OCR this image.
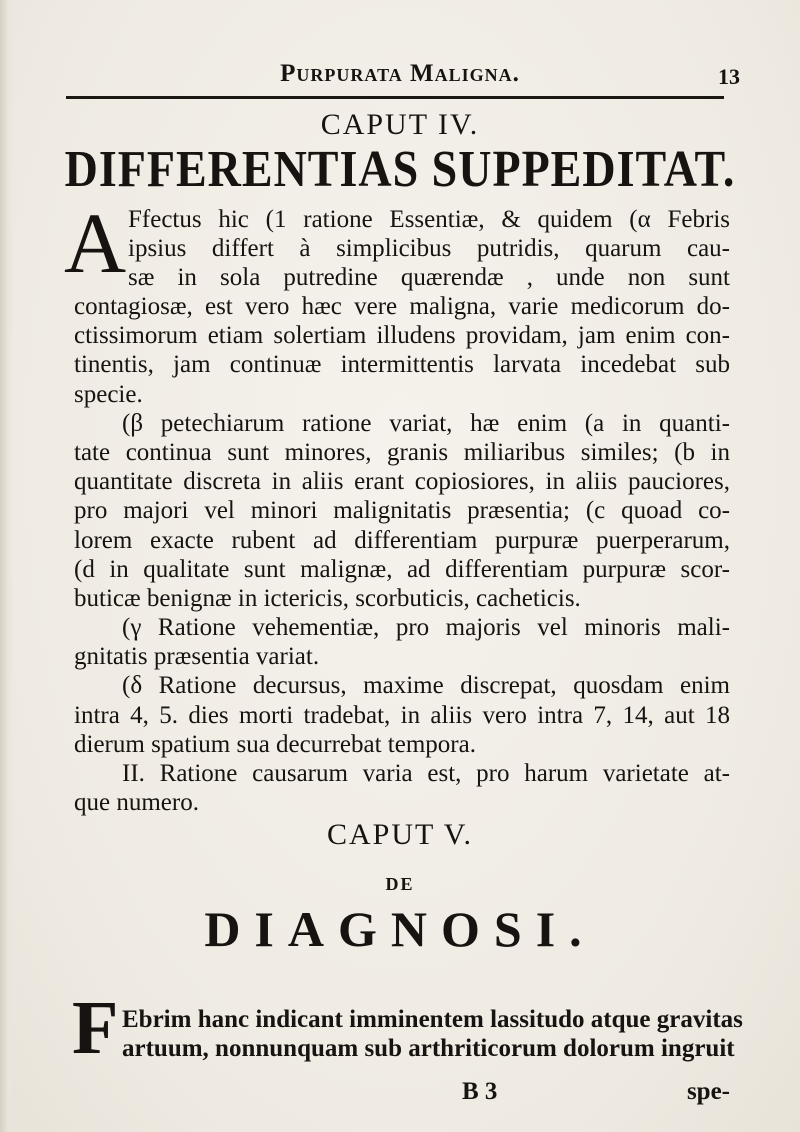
Purpurata Maligna.	13
CAPUT IV.
DIFFERENTIAS SUPPEDITAT.
A Ffectus hic (1 ratione Essentiæ, & quidem (α Febris
ipsius differt à simplicibus putridis, quarum cau-
sæ in sola putredine quærendæ , unde non sunt
contagiosæ, est vero hæc vere maligna, varie medicorum do-
ctissimorum etiam solertiam illudens providam, jam enim con-
tinentis, jam continuæ intermittentis larvata incedebat sub
specie.
(β petechiarum ratione variat, hæ enim (a in quanti-
tate continua sunt minores, granis miliaribus similes; (b in
quantitate discreta in aliis erant copiosiores, in aliis pauciores,
pro majori vel minori malignitatis præsentia; (c quoad co-
lorem exacte rubent ad differentiam purpuræ puerperarum,
(d in qualitate sunt malignæ, ad differentiam purpuræ scor-
buticæ benignæ in ictericis, scorbuticis, cacheticis.
(γ Ratione vehementiæ, pro majoris vel minoris mali-
gnitatis præsentia variat.
(δ Ratione decursus, maxime discrepat, quosdam enim
intra 4, 5. dies morti tradebat, in aliis vero intra 7, 14, aut 18
dierum spatium sua decurrebat tempora.
II. Ratione causarum varia est, pro harum varietate at-
que numero.
CAPUT V.
DE
DIAGNOSI.
F Ebrim hanc indicant imminentem lassitudo atque gravitas
artuum, nonnunquam sub arthriticorum dolorum ingruit
B 3	spe-
